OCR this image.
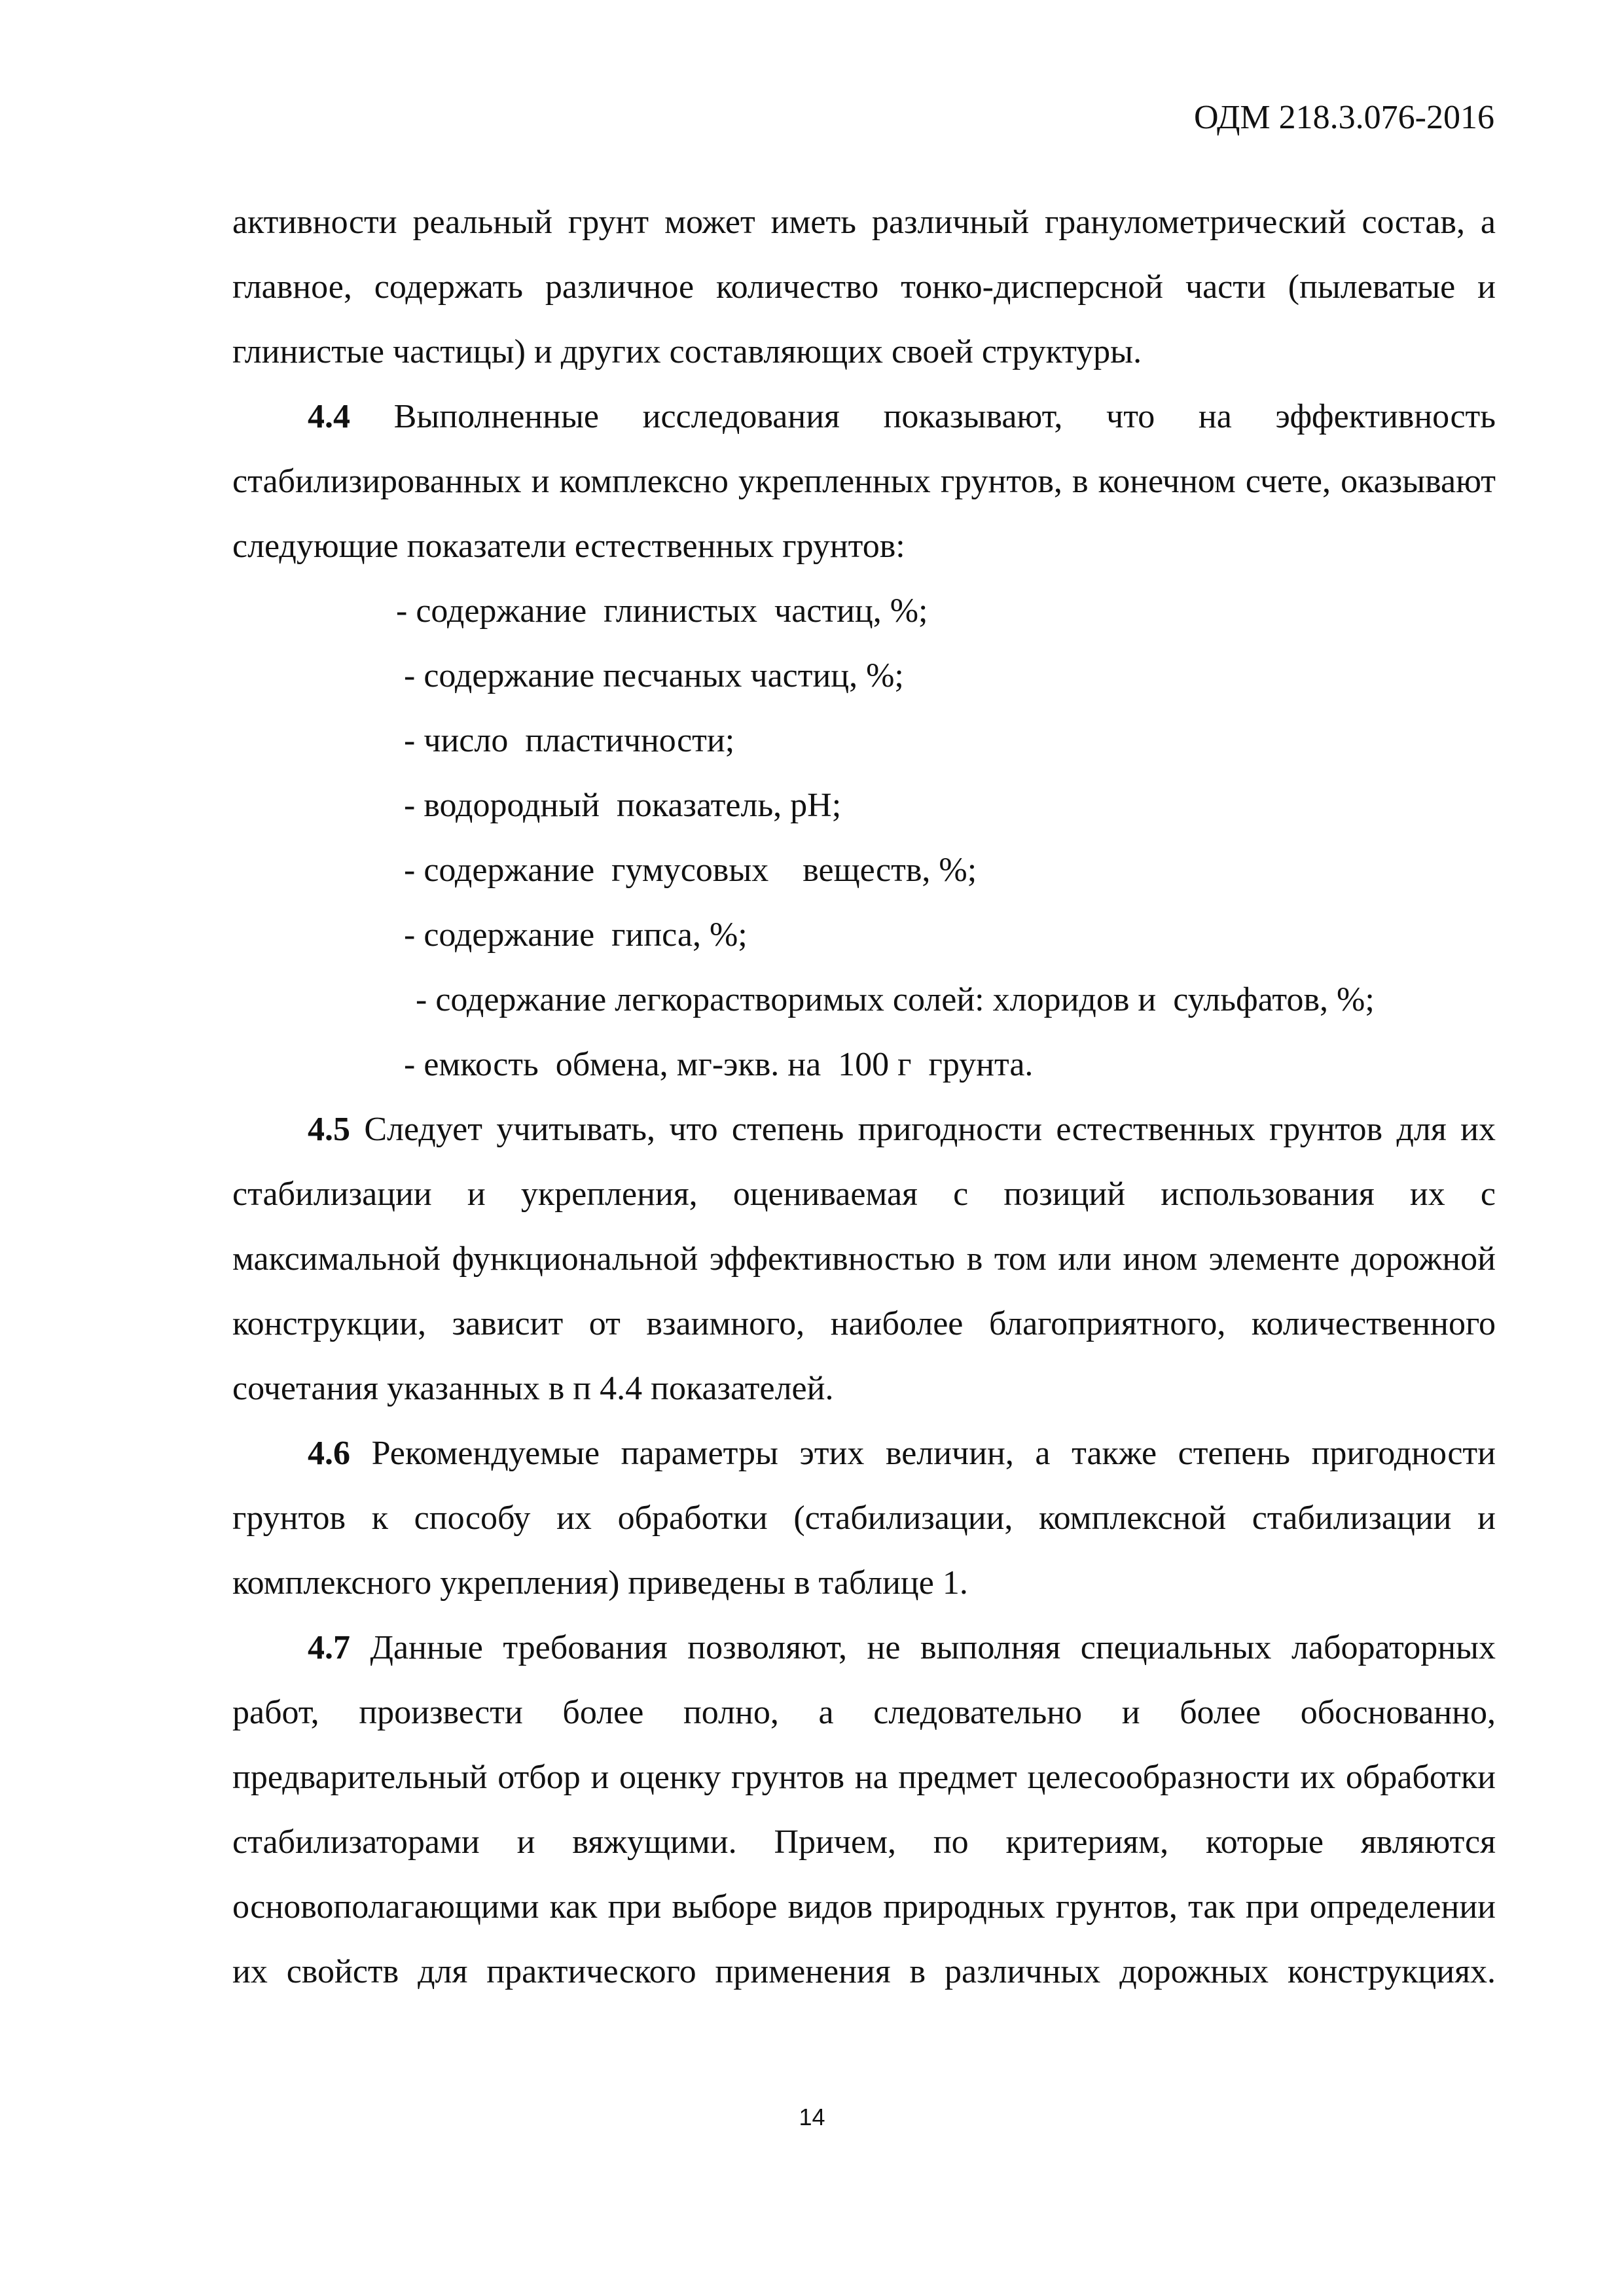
ОДМ 218.3.076-2016

активности реальный грунт может иметь различный гранулометрический состав, а главное, содержать различное количество тонко-дисперсной части (пылеватые и глинистые частицы) и других составляющих своей структуры.

4.4 Выполненные исследования показывают, что на эффективность стабилизированных и комплексно укрепленных грунтов, в конечном счете, оказывают следующие показатели естественных грунтов:

- содержание  глинистых  частиц, %;
- содержание песчаных частиц, %;
- число  пластичности;
- водородный  показатель, pH;
- содержание  гумусовых    веществ, %;
- содержание  гипса, %;
- содержание легкорастворимых солей: хлоридов и  сульфатов, %;
- емкость  обмена, мг-экв. на  100 г  грунта.

4.5 Следует учитывать, что степень пригодности естественных грунтов для их стабилизации и укрепления, оцениваемая с позиций использования их с максимальной функциональной эффективностью в том или ином элементе дорожной конструкции, зависит от взаимного, наиболее благоприятного, количественного сочетания указанных в п 4.4 показателей.

4.6 Рекомендуемые параметры этих величин, а также степень пригодности грунтов к способу их обработки (стабилизации, комплексной стабилизации и комплексного укрепления) приведены в таблице 1.

4.7 Данные требования позволяют, не выполняя специальных лабораторных работ, произвести более полно, а следовательно и более обоснованно, предварительный отбор и оценку грунтов на предмет целесообразности их обработки стабилизаторами и вяжущими. Причем, по критериям, которые являются основополагающими как при выборе видов природных грунтов, так при определении их свойств для практического применения в различных дорожных конструкциях.

14
